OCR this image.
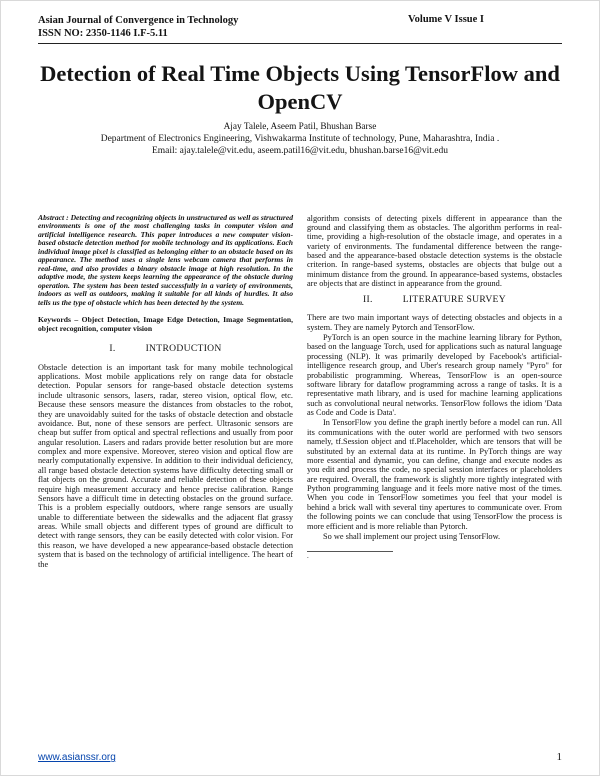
Asian Journal of Convergence in Technology
ISSN NO: 2350-1146 I.F-5.11
Volume V Issue I
Detection of Real Time Objects Using TensorFlow and OpenCV
Ajay Talele, Aseem Patil, Bhushan Barse
Department of Electronics Engineering, Vishwakarma Institute of technology, Pune, Maharashtra, India .
Email: ajay.talele@vit.edu, aseem.patil16@vit.edu, bhushan.barse16@vit.edu

Abstract : Detecting and recognizing objects in unstructured as well as structured environments is one of the most challenging tasks in computer vision and artificial intelligence research. This paper introduces a new computer vision-based obstacle detection method for mobile technology and its applications. Each individual image pixel is classified as belonging either to an obstacle based on its appearance. The method uses a single lens webcam camera that performs in real-time, and also provides a binary obstacle image at high resolution. In the adaptive mode, the system keeps learning the appearance of the obstacle during operation. The system has been tested successfully in a variety of environments, indoors as well as outdoors, making it suitable for all kinds of hurdles. It also tells us the type of obstacle which has been detected by the system.

Keywords – Object Detection, Image Edge Detection, Image Segmentation, object recognition, computer vision

I.	INTRODUCTION

Obstacle detection is an important task for many mobile technological applications. Most mobile applications rely on range data for obstacle detection. Popular sensors for range-based obstacle detection systems include ultrasonic sensors, lasers, radar, stereo vision, optical flow, etc. Because these sensors measure the distances from obstacles to the robot, they are unavoidably suited for the tasks of obstacle detection and obstacle avoidance. But, none of these sensors are perfect. Ultrasonic sensors are cheap but suffer from optical and spectral reflections and usually from poor angular resolution. Lasers and radars provide better resolution but are more complex and more expensive. Moreover, stereo vision and optical flow are nearly computationally expensive. In addition to their individual deficiency, all range based obstacle detection systems have difficulty detecting small or flat objects on the ground. Accurate and reliable detection of these objects require high measurement accuracy and hence precise calibration. Range Sensors have a difficult time in detecting obstacles on the ground surface. This is a problem especially outdoors, where range sensors are usually unable to differentiate between the sidewalks and the adjacent flat grassy areas. While small objects and different types of ground are difficult to detect with range sensors, they can be easily detected with color vision. For this reason, we have developed a new appearance-based obstacle detection system that is based on the technology of artificial intelligence. The heart of the

algorithm consists of detecting pixels different in appearance than the ground and classifying them as obstacles. The algorithm performs in real-time, providing a high-resolution of the obstacle image, and operates in a variety of environments. The fundamental difference between the range-based and the appearance-based obstacle detection systems is the obstacle criterion. In range-based systems, obstacles are objects that bulge out a minimum distance from the ground. In appearance-based systems, obstacles are objects that are distinct in appearance from the ground.

II.	LITERATURE SURVEY

There are two main important ways of detecting obstacles and objects in a system. They are namely Pytorch and TensorFlow.

PyTorch is an open source in the machine learning library for Python, based on the language Torch, used for applications such as natural language processing (NLP). It was primarily developed by Facebook's artificial-intelligence research group, and Uber's research group namely "Pyro" for probabilistic programming. Whereas, TensorFlow is an open-source software library for dataflow programming across a range of tasks. It is a representative math library, and is used for machine learning applications such as convolutional neural networks. TensorFlow follows the idiom 'Data as Code and Code is Data'.

In TensorFlow you define the graph inertly before a model can run. All its communications with the outer world are performed with two sensors namely, tf.Session object and tf.Placeholder, which are tensors that will be substituted by an external data at its runtime. In PyTorch things are way more essential and dynamic, you can define, change and execute nodes as you edit and process the code, no special session interfaces or placeholders are required. Overall, the framework is slightly more tightly integrated with Python programming language and it feels more native most of the times. When you code in TensorFlow sometimes you feel that your model is behind a brick wall with several tiny apertures to communicate over. From the following points we can conclude that using TensorFlow the process is more efficient and is more reliable than Pytorch.

So we shall implement our project using TensorFlow.

.
www.asianssr.org	1
